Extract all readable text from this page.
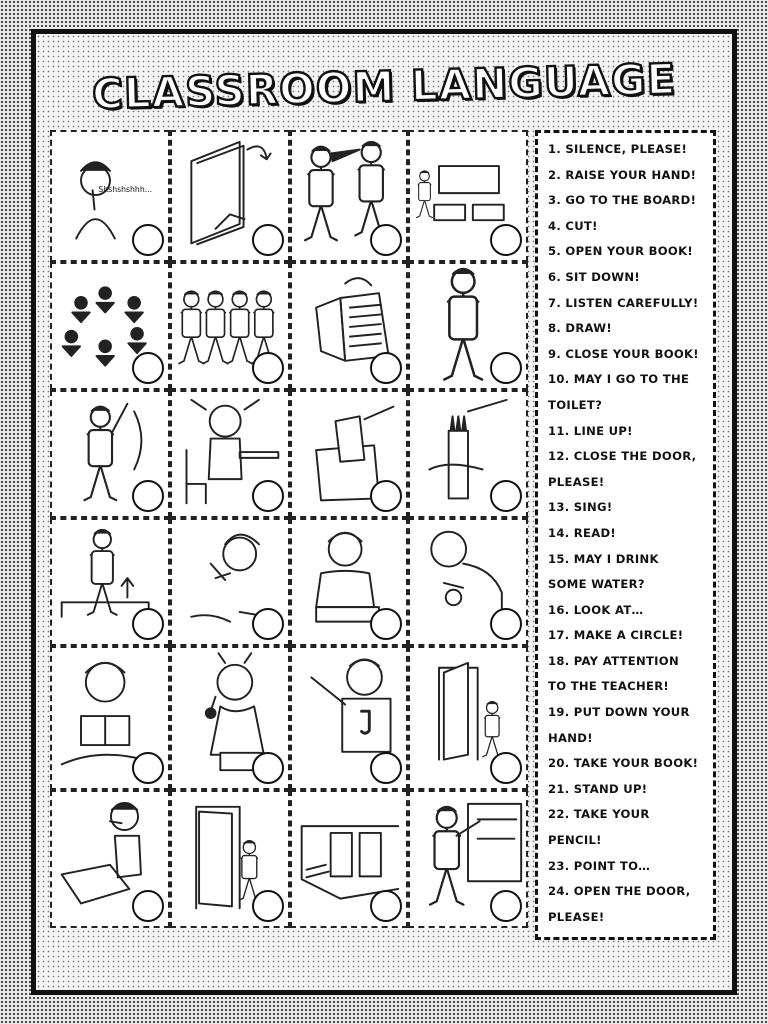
CLASSROOM LANGUAGE
Shshshshhh...
1. SILENCE, PLEASE!
2. RAISE YOUR HAND!
3. GO TO THE BOARD!
4. CUT!
5. OPEN YOUR BOOK!
6. SIT DOWN!
7. LISTEN CAREFULLY!
8. DRAW!
9. CLOSE YOUR BOOK!
10. MAY I GO TO THE
TOILET?
11. LINE UP!
12. CLOSE THE DOOR,
PLEASE!
13. SING!
14. READ!
15. MAY I DRINK
SOME WATER?
16. LOOK AT…
17. MAKE A CIRCLE!
18. PAY ATTENTION
TO THE TEACHER!
19. PUT DOWN YOUR
HAND!
20. TAKE YOUR BOOK!
21. STAND UP!
22. TAKE YOUR
PENCIL!
23. POINT TO…
24. OPEN THE DOOR,
PLEASE!
